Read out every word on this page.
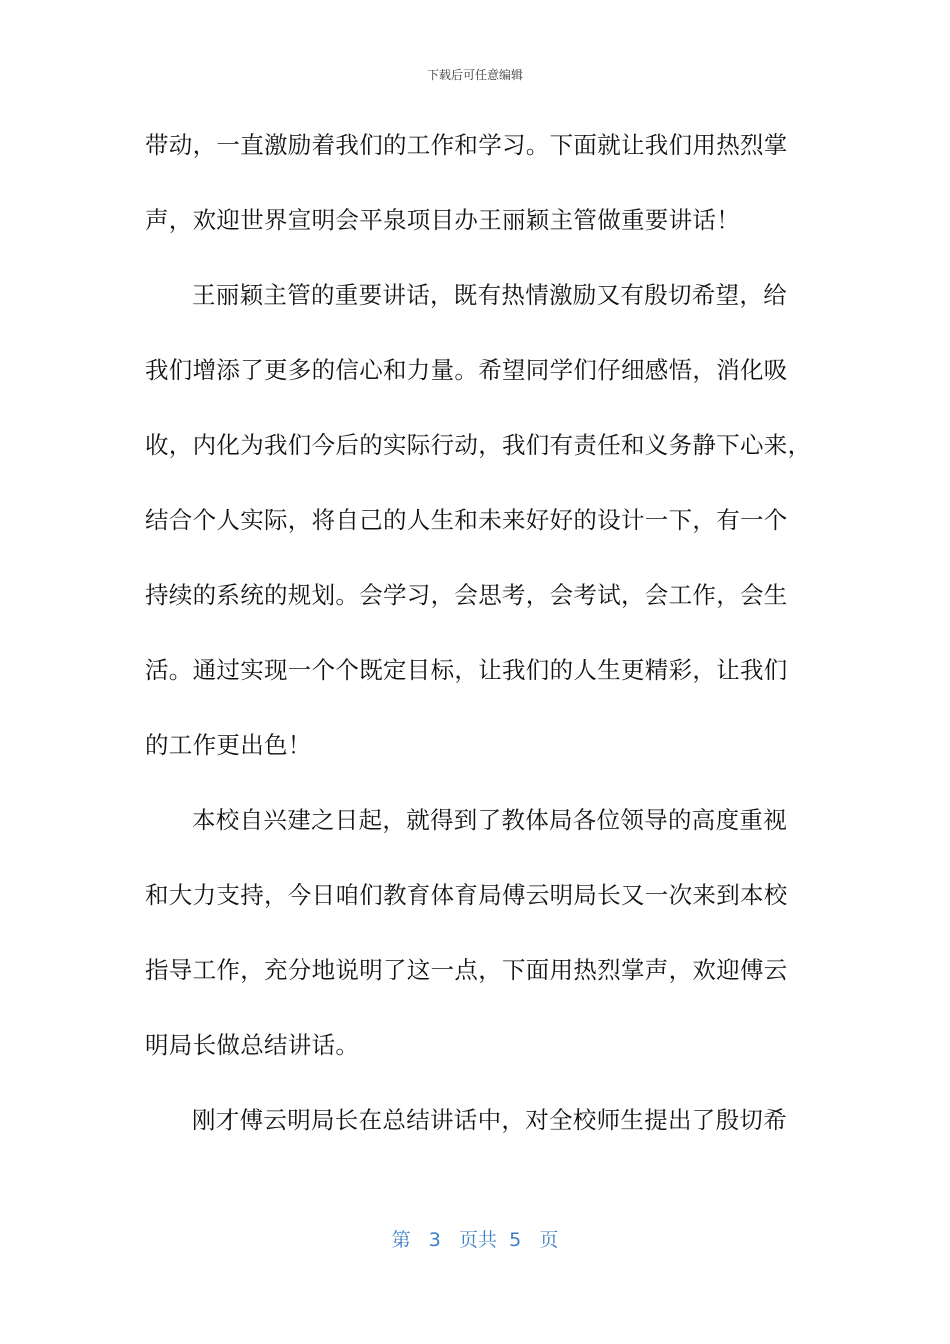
下载后可任意编辑
带动，一直激励着我们的工作和学习。下面就让我们用热烈掌
声，欢迎世界宣明会平泉项目办王丽颖主管做重要讲话！
王丽颖主管的重要讲话，既有热情激励又有殷切希望，给
我们增添了更多的信心和力量。希望同学们仔细感悟，消化吸
收，内化为我们今后的实际行动，我们有责任和义务静下心来，
结合个人实际，将自己的人生和未来好好的设计一下，有一个
持续的系统的规划。会学习，会思考，会考试，会工作，会生
活。通过实现一个个既定目标，让我们的人生更精彩，让我们
的工作更出色！
本校自兴建之日起，就得到了教体局各位领导的高度重视
和大力支持，今日咱们教育体育局傅云明局长又一次来到本校
指导工作，充分地说明了这一点，下面用热烈掌声，欢迎傅云
明局长做总结讲话。
刚才傅云明局长在总结讲话中，对全校师生提出了殷切希
第 3 页共 5 页
